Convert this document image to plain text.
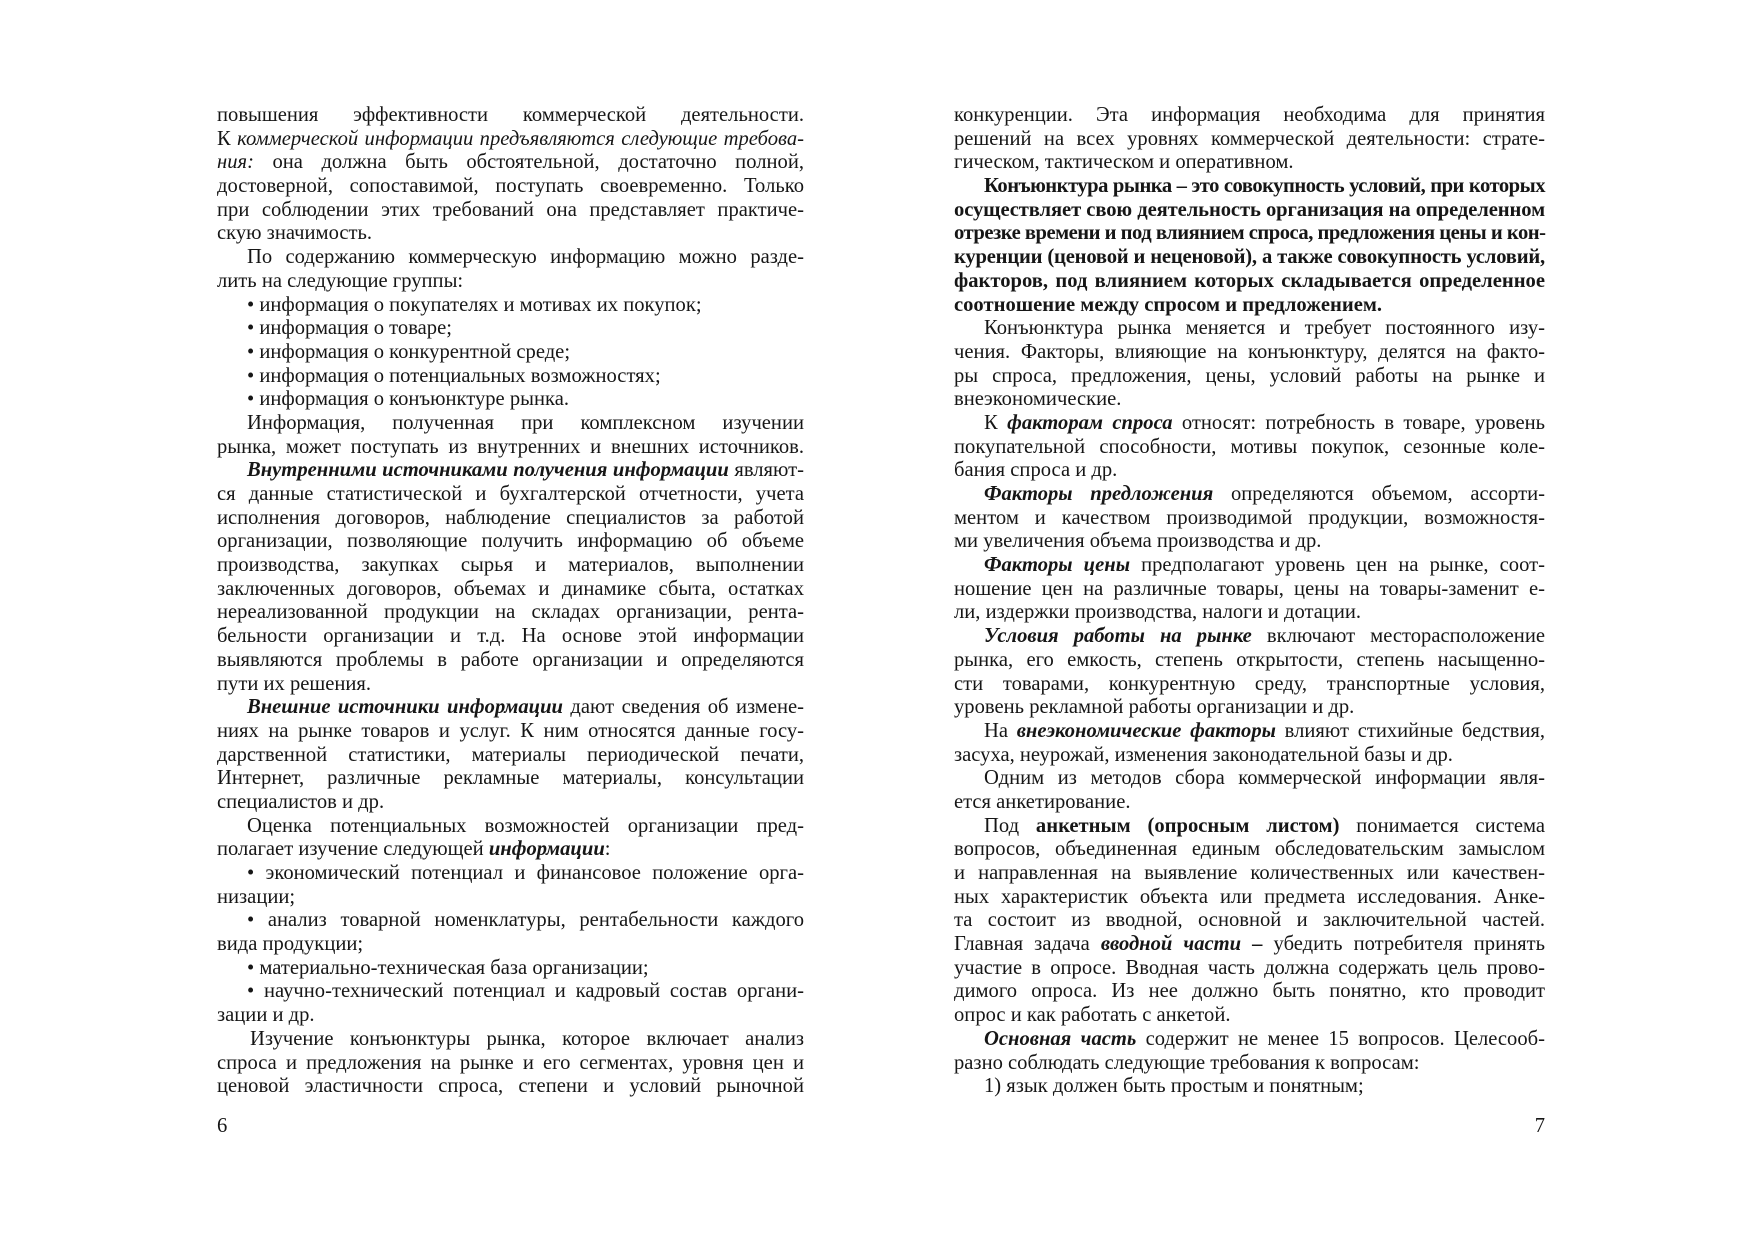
повышения эффективности коммерческой деятельности.
К коммерческой информации предъявляются следующие требова-
ния: она должна быть обстоятельной, достаточно полной,
достоверной, сопоставимой, поступать своевременно. Только
при соблюдении этих требований она представляет практиче-
скую значимость.
По содержанию коммерческую информацию можно разде-
лить на следующие группы:
• информация о покупателях и мотивах их покупок;
• информация о товаре;
• информация о конкурентной среде;
• информация о потенциальных возможностях;
• информация о конъюнктуре рынка.
Информация, полученная при комплексном изучении
рынка, может поступать из внутренних и внешних источников.
Внутренними источниками получения информации являют-
ся данные статистической и бухгалтерской отчетности, учета
исполнения договоров, наблюдение специалистов за работой
организации, позволяющие получить информацию об объеме
производства, закупках сырья и материалов, выполнении
заключенных договоров, объемах и динамике сбыта, остатках
нереализованной продукции на складах организации, рента-
бельности организации и т.д. На основе этой информации
выявляются проблемы в работе организации и определяются
пути их решения.
Внешние источники информации дают сведения об измене-
ниях на рынке товаров и услуг. К ним относятся данные госу-
дарственной статистики, материалы периодической печати,
Интернет, различные рекламные материалы, консультации
специалистов и др.
Оценка потенциальных возможностей организации пред-
полагает изучение следующей информации:
• экономический потенциал и финансовое положение орга-
низации;
• анализ товарной номенклатуры, рентабельности каждого
вида продукции;
• материально-техническая база организации;
• научно-технический потенциал и кадровый состав органи-
зации и др.
Изучение конъюнктуры рынка, которое включает анализ
спроса и предложения на рынке и его сегментах, уровня цен и
ценовой эластичности спроса, степени и условий рыночной
конкуренции. Эта информация необходима для принятия
решений на всех уровнях коммерческой деятельности: страте-
гическом, тактическом и оперативном.
Конъюнктура рынка – это совокупность условий, при которых
осуществляет свою деятельность организация на определенном
отрезке времени и под влиянием спроса, предложения цены и кон-
куренции (ценовой и неценовой), а также совокупность условий,
факторов, под влиянием которых складывается определенное
соотношение между спросом и предложением.
Конъюнктура рынка меняется и требует постоянного изу-
чения. Факторы, влияющие на конъюнктуру, делятся на факто-
ры спроса, предложения, цены, условий работы на рынке и
внеэкономические.
К факторам спроса относят: потребность в товаре, уровень
покупательной способности, мотивы покупок, сезонные коле-
бания спроса и др.
Факторы предложения определяются объемом, ассорти-
ментом и качеством производимой продукции, возможностя-
ми увеличения объема производства и др.
Факторы цены предполагают уровень цен на рынке, соот-
ношение цен на различные товары, цены на товары-заменит е-
ли, издержки производства, налоги и дотации.
Условия работы на рынке включают месторасположение
рынка, его емкость, степень открытости, степень насыщенно-
сти товарами, конкурентную среду, транспортные условия,
уровень рекламной работы организации и др.
На внеэкономические факторы влияют стихийные бедствия,
засуха, неурожай, изменения законодательной базы и др.
Одним из методов сбора коммерческой информации явля-
ется анкетирование.
Под анкетным (опросным листом) понимается система
вопросов, объединенная единым обследовательским замыслом
и направленная на выявление количественных или качествен-
ных характеристик объекта или предмета исследования. Анке-
та состоит из вводной, основной и заключительной частей.
Главная задача вводной части – убедить потребителя принять
участие в опросе. Вводная часть должна содержать цель прово-
димого опроса. Из нее должно быть понятно, кто проводит
опрос и как работать с анкетой.
Основная часть содержит не менее 15 вопросов. Целесооб-
разно соблюдать следующие требования к вопросам:
1) язык должен быть простым и понятным;
6	7
